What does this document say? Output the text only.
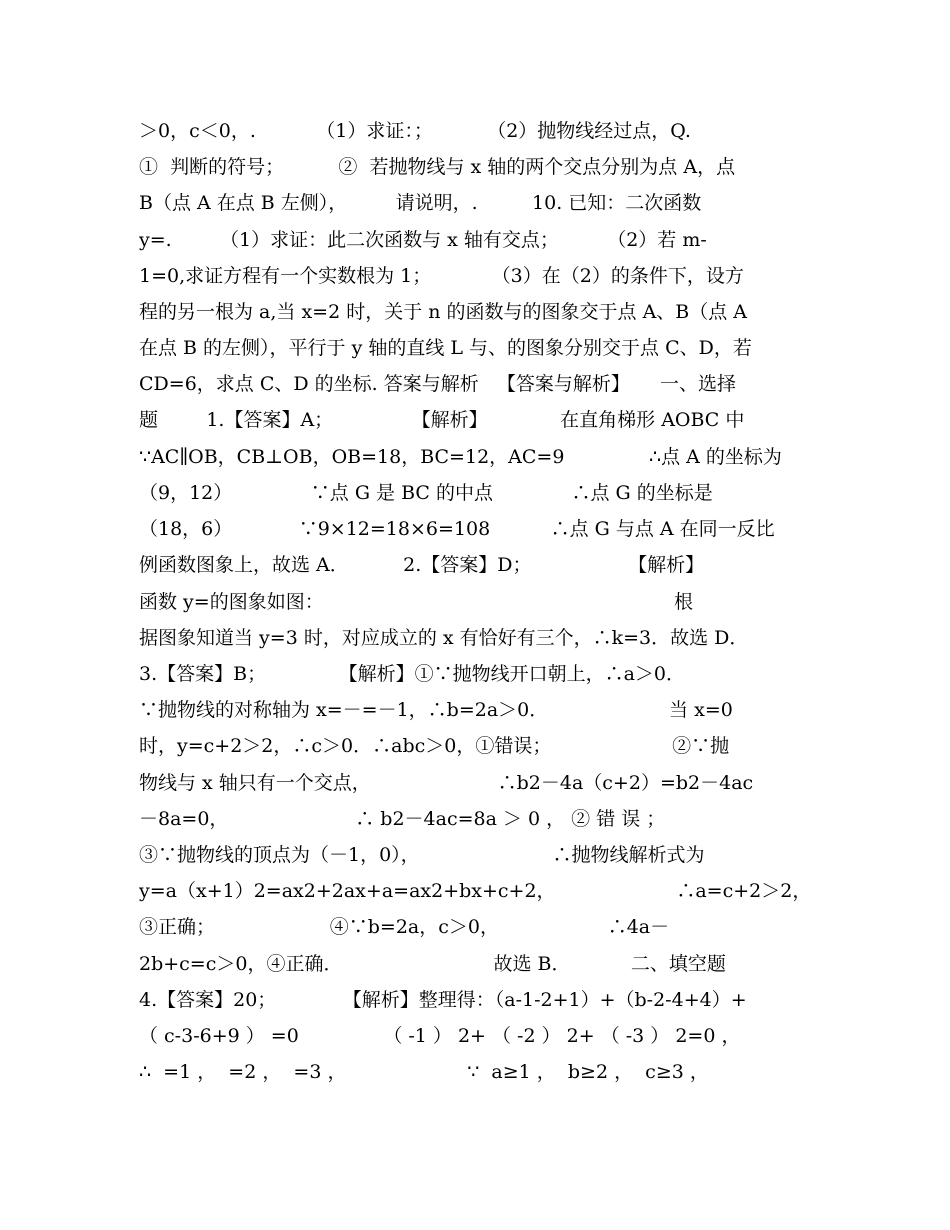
＞0，c＜0，.          （1）求证：；         （2）抛物线经过点，Q.
①  判断的符号；         ②  若抛物线与 x 轴的两个交点分别为点 A，点
B（点 A 在点 B 左侧），        请说明，.         10. 已知：二次函数
y=.        （1）求证：此二次函数与 x 轴有交点；        （2）若 m-
1=0,求证方程有一个实数根为 1；          （3）在（2）的条件下，设方
程的另一根为 a,当 x=2 时，关于 n 的函数与的图象交于点 A、B（点 A
在点 B 的左侧），平行于 y 轴的直线 L 与、的图象分别交于点 C、D，若
CD=6，求点 C、D 的坐标. 答案与解析   【答案与解析】     一、选择
题        1.【答案】A；             【解析】            在直角梯形 AOBC 中
∵AC∥OB，CB⊥OB，OB=18，BC=12，AC=9              ∴点 A 的坐标为
（9，12）             ∵点 G 是 BC 的中点             ∴点 G 的坐标是
（18，6）           ∵9×12=18×6=108          ∴点 G 与点 A 在同一反比
例函数图象上，故选 A．         2.【答案】D；                【解析】
函数 y=的图象如图：                                                          根
据图象知道当 y=3 时，对应成立的 x 有恰好有三个，∴k=3．故选 D．
3.【答案】B；            【解析】①∵抛物线开口朝上，∴a＞0．
∵抛物线的对称轴为 x=－=－1，∴b=2a＞0．                    当 x=0
时，y=c+2＞2，∴c＞0．∴abc＞0，①错误；                    ②∵抛
物线与 x 轴只有一个交点，                     ∴b2－4a（c+2）=b2－4ac
－8a=0，                     ∴ b2－4ac=8a ＞ 0 ， ② 错 误 ；
③∵抛物线的顶点为（－1，0），                      ∴抛物线解析式为
y=a（x+1）2=ax2+2ax+a=ax2+bx+c+2，                    ∴a=c+2＞2，
③正确；                   ④∵b=2a，c＞0，                  ∴4a－
2b+c=c＞0，④正确．                         故选 B．          二、填空题
4.【答案】20；           【解析】整理得：（a-1-2+1）+（b-2-4+4）+
（ c-3-6+9 ） =0              （ -1 ） 2+ （ -2 ） 2+ （ -3 ） 2=0 ，
∴  =1 ，  =2 ，  =3 ，                    ∵  a≥1 ，  b≥2 ，  c≥3 ，
